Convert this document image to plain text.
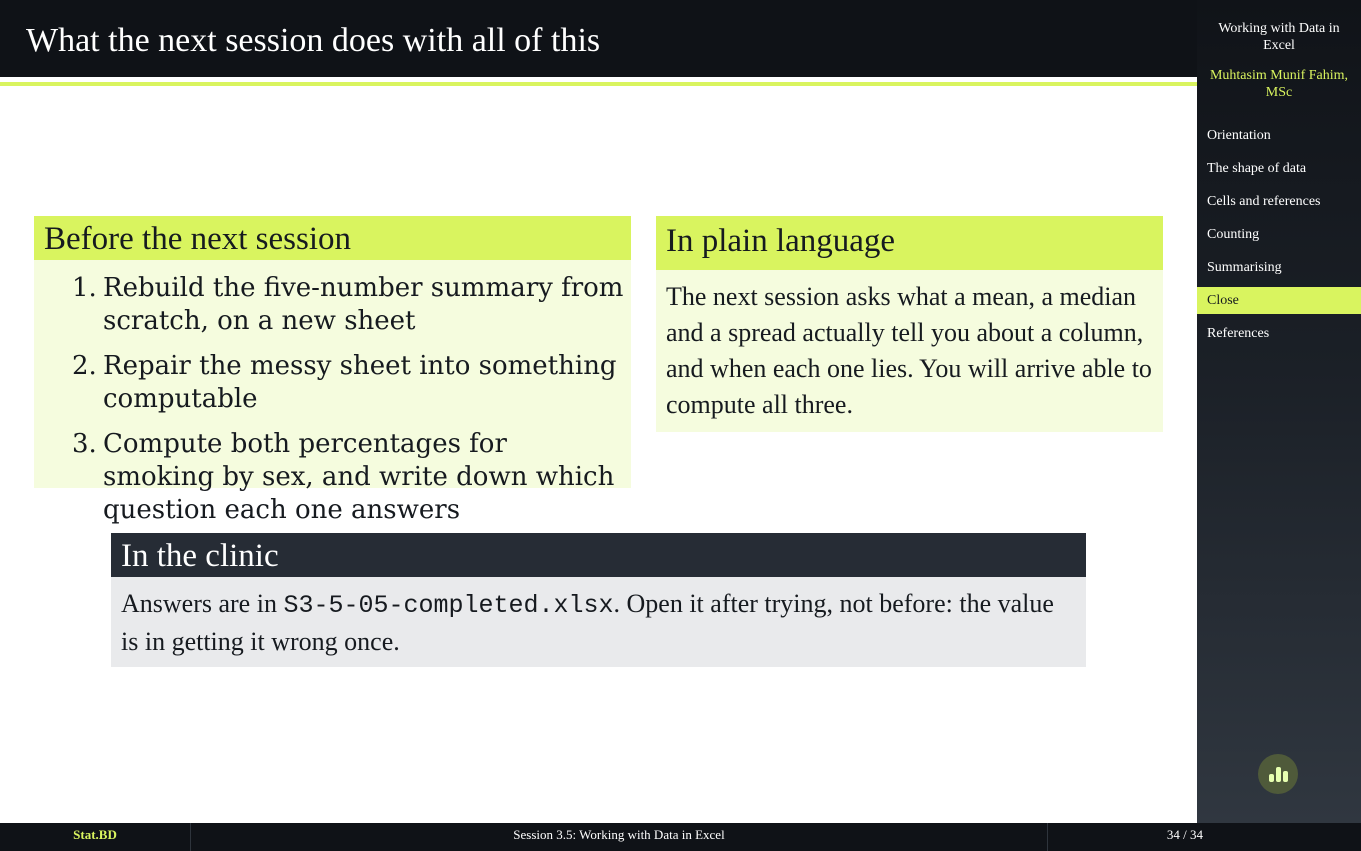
What the next session does with all of this
Before the next session
1. Rebuild the five-number summary from scratch, on a new sheet
2. Repair the messy sheet into something computable
3. Compute both percentages for smoking by sex, and write down which question each one answers
In plain language
The next session asks what a mean, a median and a spread actually tell you about a column, and when each one lies. You will arrive able to compute all three.
In the clinic
Answers are in S3-5-05-completed.xlsx. Open it after trying, not before: the value is in getting it wrong once.
Working with Data in Excel
Muhtasim Munif Fahim, MSc
Orientation
The shape of data
Cells and references
Counting
Summarising
Close
References
Stat.BD	Session 3.5: Working with Data in Excel	34 / 34
